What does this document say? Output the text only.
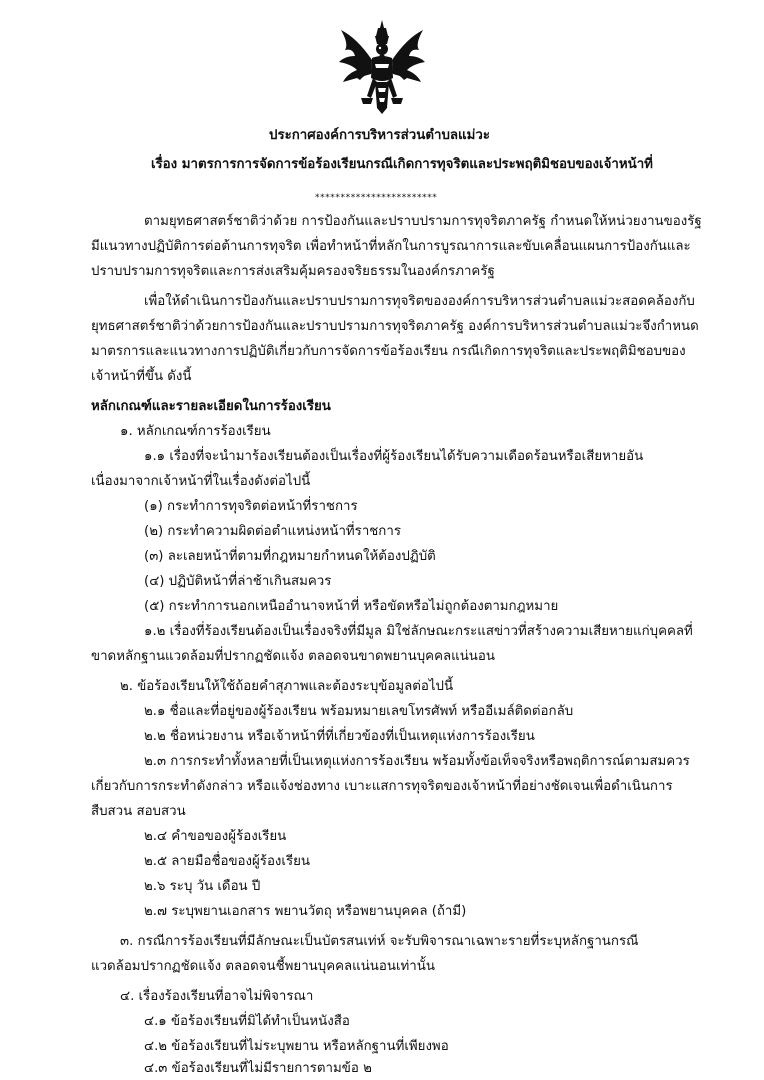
ประกาศองค์การบริหารส่วนตำบลแม่วะ

เรื่อง มาตรการการจัดการข้อร้องเรียนกรณีเกิดการทุจริตและประพฤติมิชอบของเจ้าหน้าที่

************************

ตามยุทธศาสตร์ชาติว่าด้วย การป้องกันและปราบปรามการทุจริตภาครัฐ กำหนดให้หน่วยงานของรัฐ

มีแนวทางปฏิบัติการต่อต้านการทุจริต เพื่อทำหน้าที่หลักในการบูรณาการและขับเคลื่อนแผนการป้องกันและ

ปราบปรามการทุจริตและการส่งเสริมคุ้มครองจริยธรรมในองค์กรภาครัฐ

เพื่อให้ดำเนินการป้องกันและปราบปรามการทุจริตขององค์การบริหารส่วนตำบลแม่วะสอดคล้องกับ

ยุทธศาสตร์ชาติว่าด้วยการป้องกันและปราบปรามการทุจริตภาครัฐ องค์การบริหารส่วนตำบลแม่วะจึงกำหนด

มาตรการและแนวทางการปฏิบัติเกี่ยวกับการจัดการข้อร้องเรียน กรณีเกิดการทุจริตและประพฤติมิชอบของ

เจ้าหน้าที่ขึ้น ดังนี้

หลักเกณฑ์และรายละเอียดในการร้องเรียน

๑. หลักเกณฑ์การร้องเรียน

๑.๑ เรื่องที่จะนำมาร้องเรียนต้องเป็นเรื่องที่ผู้ร้องเรียนได้รับความเดือดร้อนหรือเสียหายอัน

เนื่องมาจากเจ้าหน้าที่ในเรื่องดังต่อไปนี้

(๑) กระทำการทุจริตต่อหน้าที่ราชการ

(๒) กระทำความผิดต่อตำแหน่งหน้าที่ราชการ

(๓) ละเลยหน้าที่ตามที่กฎหมายกำหนดให้ต้องปฏิบัติ

(๔) ปฏิบัติหน้าที่ล่าช้าเกินสมควร

(๕) กระทำการนอกเหนืออำนาจหน้าที่ หรือขัดหรือไม่ถูกต้องตามกฎหมาย

๑.๒ เรื่องที่ร้องเรียนต้องเป็นเรื่องจริงที่มีมูล มิใช่ลักษณะกระแสข่าวที่สร้างความเสียหายแก่บุคคลที่

ขาดหลักฐานแวดล้อมที่ปรากฏชัดแจ้ง ตลอดจนขาดพยานบุคคลแน่นอน

๒. ข้อร้องเรียนให้ใช้ถ้อยคำสุภาพและต้องระบุข้อมูลต่อไปนี้

๒.๑ ชื่อและที่อยู่ของผู้ร้องเรียน พร้อมหมายเลขโทรศัพท์ หรืออีเมล์ติดต่อกลับ

๒.๒ ชื่อหน่วยงาน หรือเจ้าหน้าที่ที่เกี่ยวข้องที่เป็นเหตุแห่งการร้องเรียน

๒.๓ การกระทำทั้งหลายที่เป็นเหตุแห่งการร้องเรียน พร้อมทั้งข้อเท็จจริงหรือพฤติการณ์ตามสมควร

เกี่ยวกับการกระทำดังกล่าว หรือแจ้งช่องทาง เบาะแสการทุจริตของเจ้าหน้าที่อย่างชัดเจนเพื่อดำเนินการ

สืบสวน สอบสวน

๒.๔ คำขอของผู้ร้องเรียน

๒.๕ ลายมือชื่อของผู้ร้องเรียน

๒.๖ ระบุ วัน เดือน ปี

๒.๗ ระบุพยานเอกสาร พยานวัตถุ หรือพยานบุคคล (ถ้ามี)

๓. กรณีการร้องเรียนที่มีลักษณะเป็นบัตรสนเท่ห์ จะรับพิจารณาเฉพาะรายที่ระบุหลักฐานกรณี

แวดล้อมปรากฏชัดแจ้ง ตลอดจนชี้พยานบุคคลแน่นอนเท่านั้น

๔. เรื่องร้องเรียนที่อาจไม่พิจารณา

๔.๑ ข้อร้องเรียนที่มิได้ทำเป็นหนังสือ

๔.๒ ข้อร้องเรียนที่ไม่ระบุพยาน หรือหลักฐานที่เพียงพอ

๔.๓ ข้อร้องเรียนที่ไม่มีรายการตามข้อ ๒
